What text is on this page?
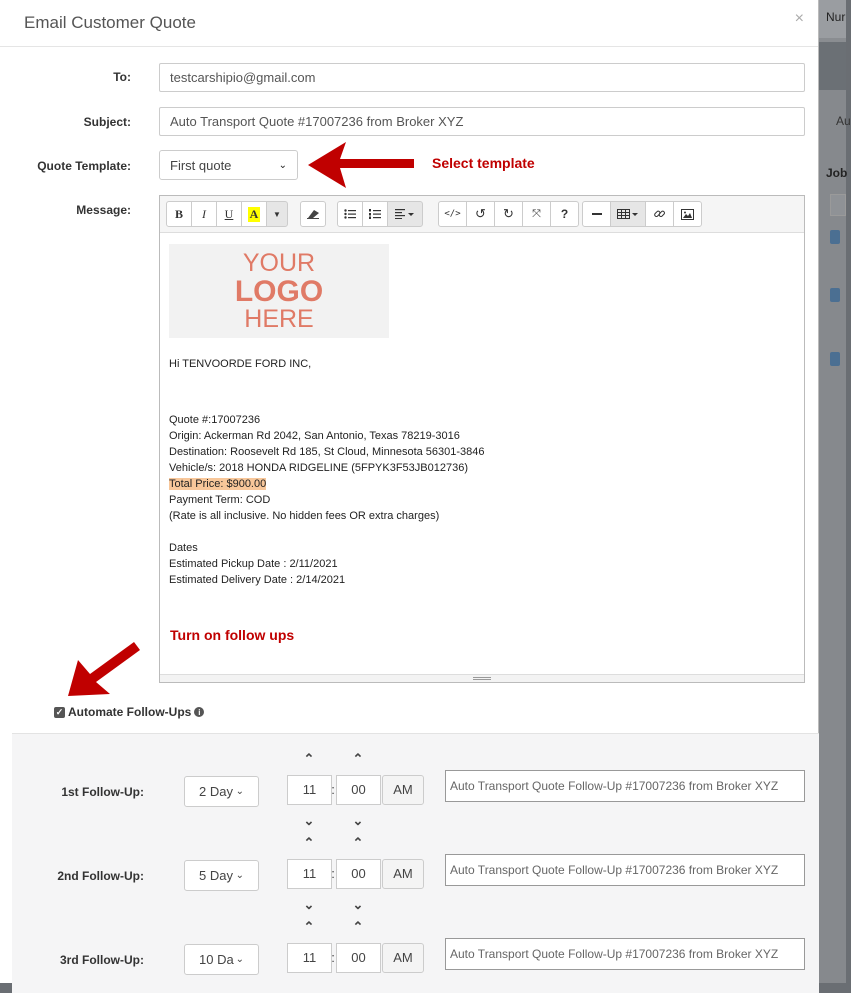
Nur
Au
Job
Email Customer Quote	×
To:	testcarshipio@gmail.com
Subject:	Auto Transport Quote #17007236 from Broker XYZ
Quote Template:	First quote	⌄	Select template
Message:	B I U A ▼	</>	↺	↻	⤧	?
YOUR
LOGO
HERE
Hi TENVOORDE FORD INC,
Quote #:17007236
Origin: Ackerman Rd 2042, San Antonio, Texas 78219-3016
Destination: Roosevelt Rd 185, St Cloud, Minnesota 56301-3846
Vehicle/s: 2018 HONDA RIDGELINE (5FPYK3F53JB012736)
Total Price: $900.00
Payment Term: COD
(Rate is all inclusive. No hidden fees OR extra charges)
Dates
Estimated Pickup Date : 2/11/2021
Estimated Delivery Date : 2/14/2021
Turn on follow ups
✓ Automate Follow-Ups i
⌃	⌃
1st Follow-Up:	2 Day ⌄	11	:	00	AM	Auto Transport Quote Follow-Up #17007236 from Broker XYZ
⌄	⌄
⌃	⌃
2nd Follow-Up:	5 Day ⌄	11	:	00	AM	Auto Transport Quote Follow-Up #17007236 from Broker XYZ
⌄	⌄
⌃	⌃
3rd Follow-Up:	10 Da ⌄	11	:	00	AM	Auto Transport Quote Follow-Up #17007236 from Broker XYZ
